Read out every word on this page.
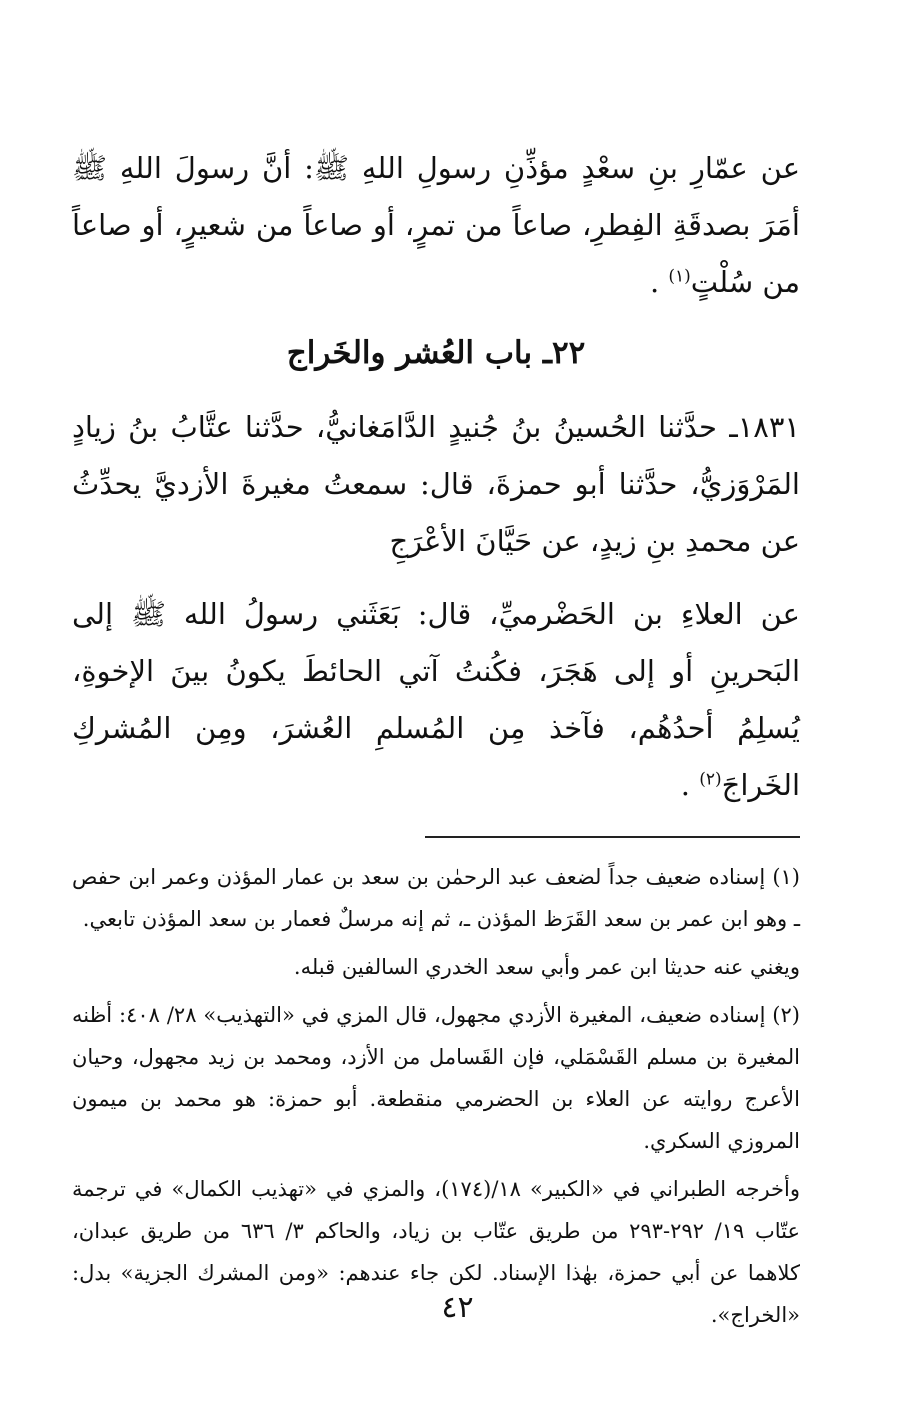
عن عمّارِ بنِ سعْدٍ مؤذِّنِ رسولِ اللهِ ﷺ: أنَّ رسولَ اللهِ ﷺ أمَرَ بصدقَةِ الفِطرِ، صاعاً من تمرٍ، أو صاعاً من شعيرٍ، أو صاعاً من سُلْتٍ$^{(١)}$ .

٢٢ـ باب العُشر والخَراج

١٨٣١ـ حدَّثنا الحُسينُ بنُ جُنيدٍ الدَّامَغانيُّ، حدَّثنا عتَّابُ بنُ زيادٍ المَرْوَزيُّ، حدَّثنا أبو حمزةَ، قال: سمعتُ مغيرةَ الأزديَّ يحدِّثُ عن محمدِ بنِ زيدٍ، عن حَيَّانَ الأعْرَجِ

عن العلاءِ بن الحَضْرميِّ، قال: بَعَثَني رسولُ الله ﷺ إلى البَحرينِ أو إلى هَجَرَ، فكُنتُ آتي الحائطَ يكونُ بينَ الإخوةِ، يُسلِمُ أحدُهُم، فآخذ مِن المُسلمِ العُشرَ، ومِن المُشركِ الخَراجَ$^{(٢)}$ .

(١) إسناده ضعيف جداً لضعف عبد الرحمٰن بن سعد بن عمار المؤذن وعمر ابن حفص ـ وهو ابن عمر بن سعد القَرَظ المؤذن ـ، ثم إنه مرسلٌ فعمار بن سعد المؤذن تابعي.

ويغني عنه حديثا ابن عمر وأبي سعد الخدري السالفين قبله.

(٢) إسناده ضعيف، المغيرة الأزدي مجهول، قال المزي في «التهذيب» ٢٨/ ٤٠٨: أظنه المغيرة بن مسلم القَسْمَلي، فإن القَسامل من الأزد، ومحمد بن زيد مجهول، وحيان الأعرج روايته عن العلاء بن الحضرمي منقطعة. أبو حمزة: هو محمد بن ميمون المروزي السكري.

وأخرجه الطبراني في «الكبير» ١٨/(١٧٤)، والمزي في «تهذيب الكمال» في ترجمة عتّاب ١٩/ ٢٩٢-٢٩٣ من طريق عتّاب بن زياد، والحاكم ٣/ ٦٣٦ من طريق عبدان، كلاهما عن أبي حمزة، بهٰذا الإسناد. لكن جاء عندهم: «ومن المشرك الجزية» بدل: «الخراج».

٤٢
